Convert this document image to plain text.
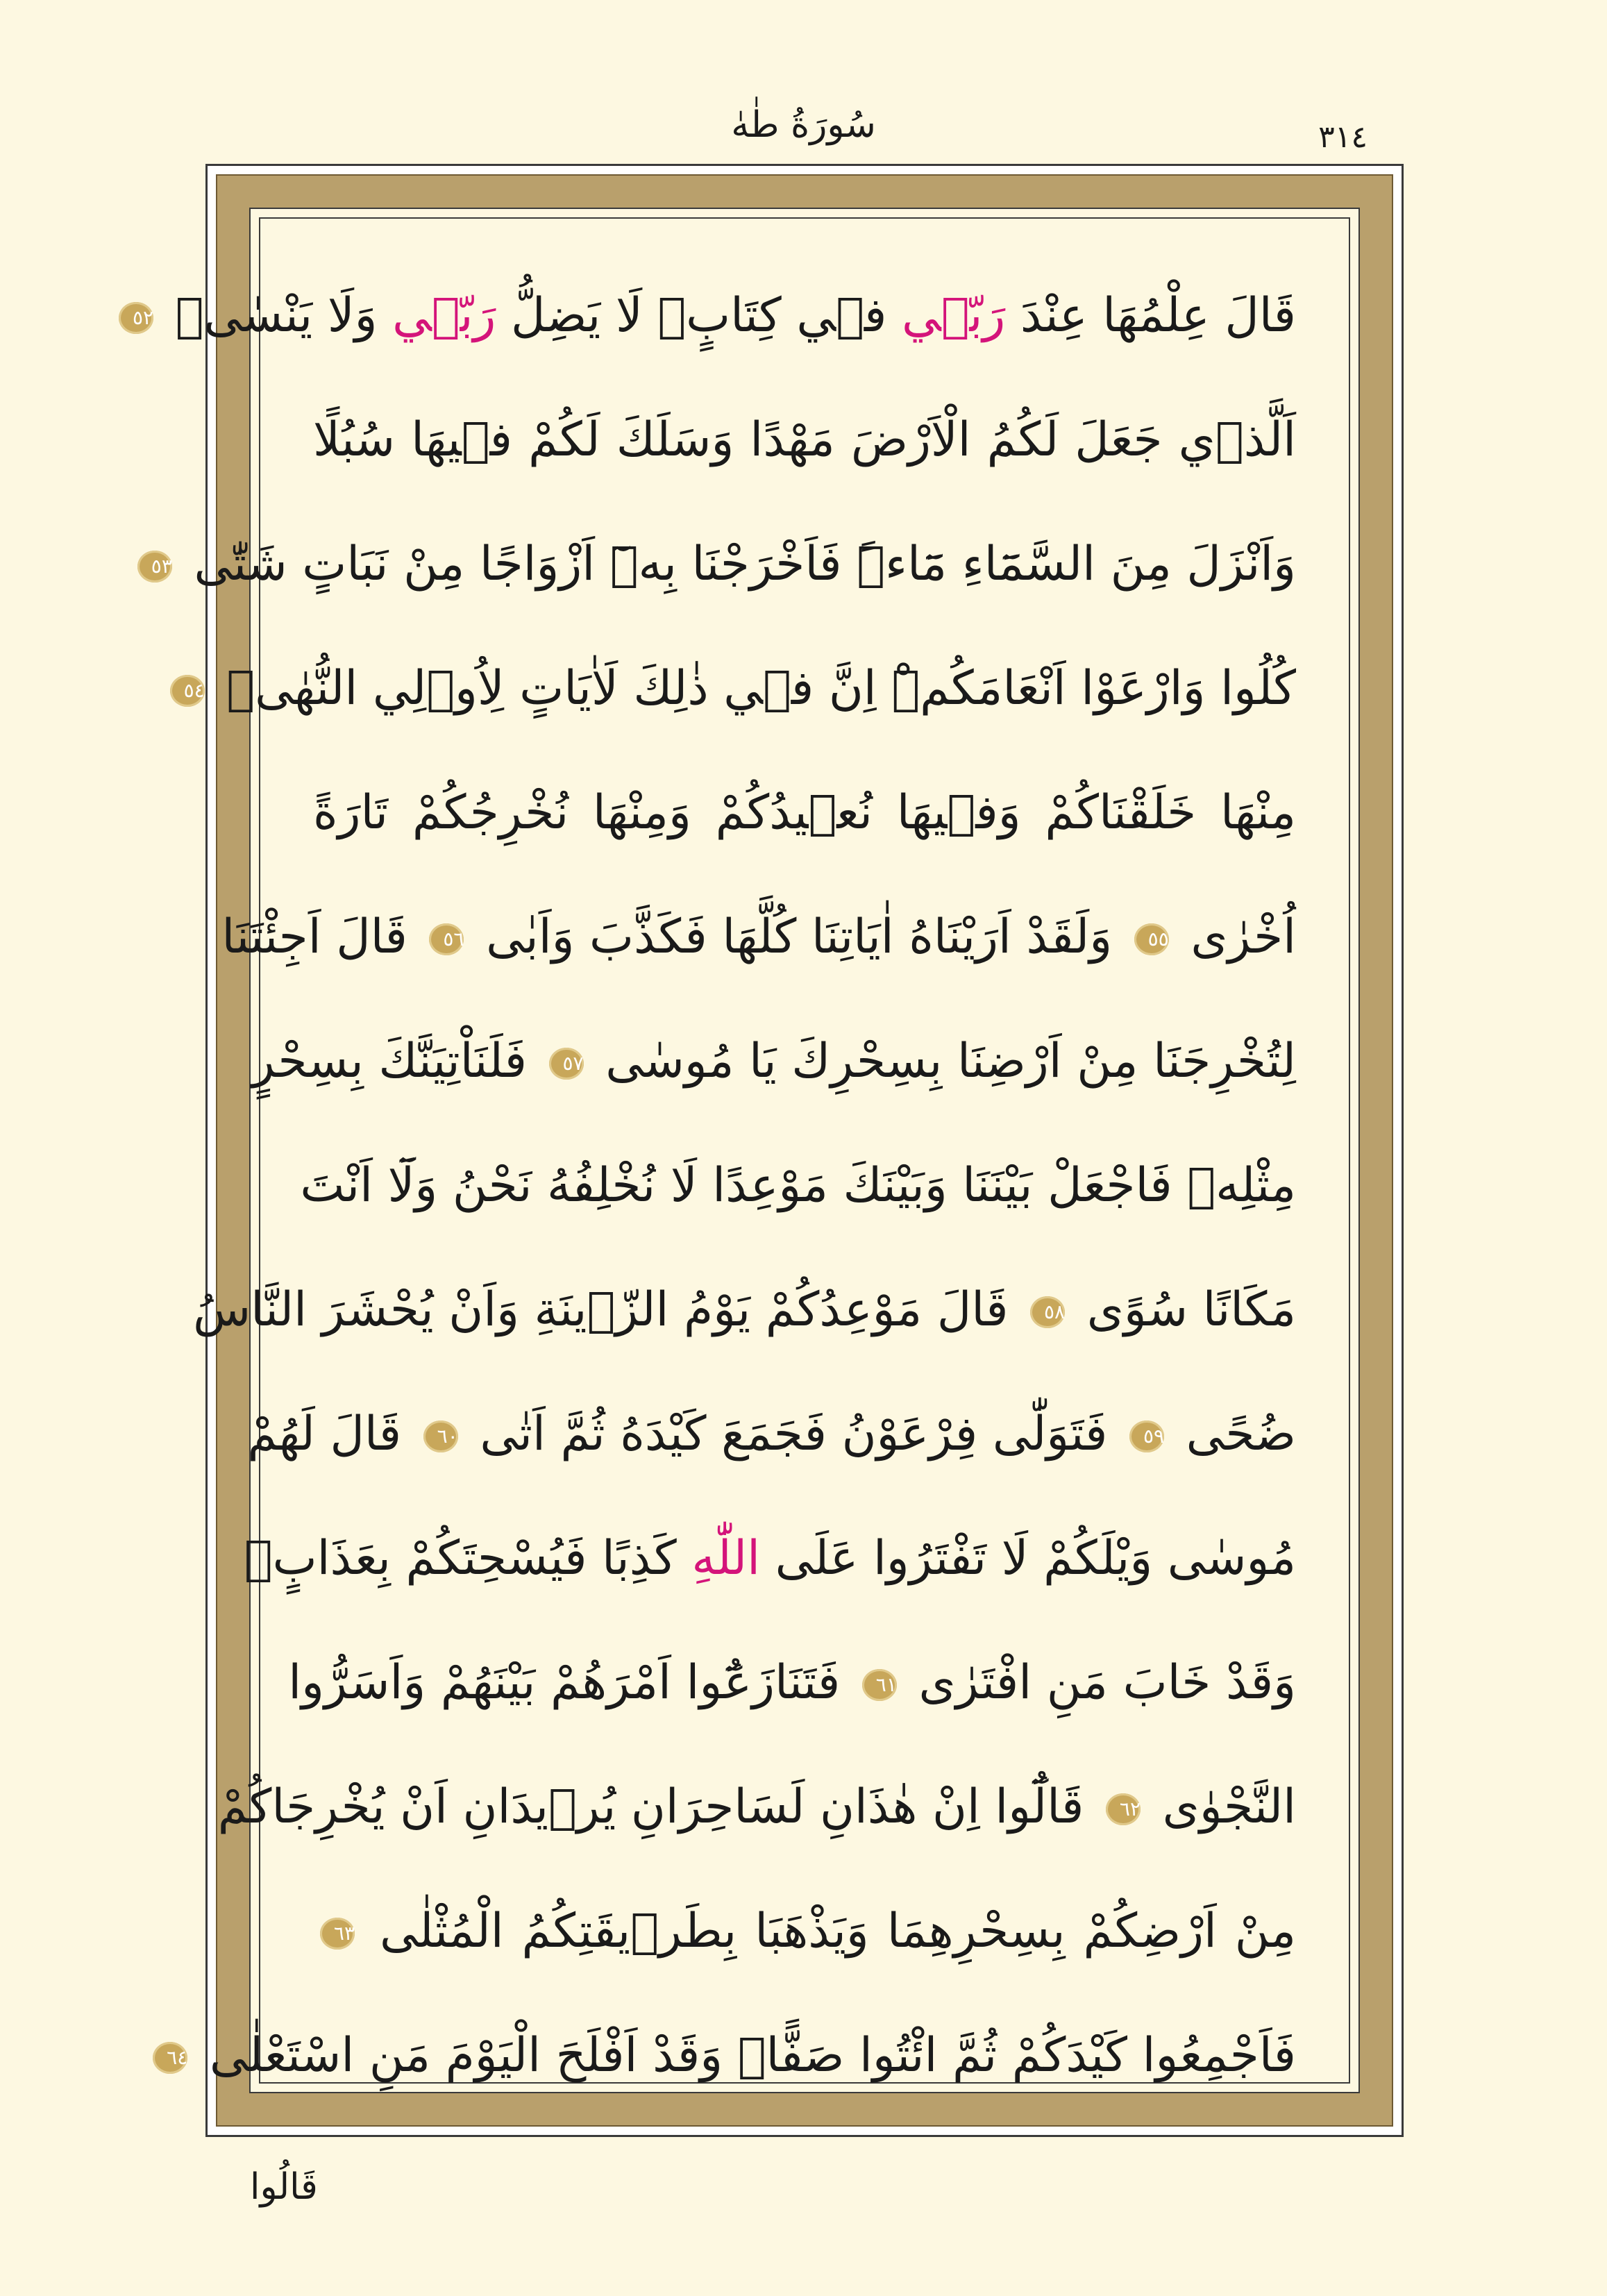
سُورَةُ طٰهٰ	٣١٤
قَالَ عِلْمُهَا عِنْدَ رَبّ۪ي ف۪ي كِتَابٍۚ لَا يَضِلُّ رَبّ۪ي وَلَا يَنْسٰىۘ ٥٢
اَلَّذ۪ي جَعَلَ لَكُمُ الْاَرْضَ مَهْدًا وَسَلَكَ لَكُمْ ف۪يهَا سُبُلًا
وَاَنْزَلَ مِنَ السَّمَٓاءِ مَٓاءًۜ فَاَخْرَجْنَا بِه۪ٓ اَزْوَاجًا مِنْ نَبَاتٍ شَتّٰى ٥٣
كُلُوا وَارْعَوْا اَنْعَامَكُمْۜ اِنَّ ف۪ي ذٰلِكَ لَاٰيَاتٍ لِاُو۬لِي النُّهٰىۜ ٥٤
مِنْهَا خَلَقْنَاكُمْ وَف۪يهَا نُع۪يدُكُمْ وَمِنْهَا نُخْرِجُكُمْ تَارَةً
اُخْرٰى ٥٥ وَلَقَدْ اَرَيْنَاهُ اٰيَاتِنَا كُلَّهَا فَكَذَّبَ وَاَبٰى ٥٦ قَالَ اَجِئْتَنَا
لِتُخْرِجَنَا مِنْ اَرْضِنَا بِسِحْرِكَ يَا مُوسٰى ٥٧ فَلَنَاْتِيَنَّكَ بِسِحْرٍ
مِثْلِه۪ فَاجْعَلْ بَيْنَنَا وَبَيْنَكَ مَوْعِدًا لَا نُخْلِفُهُ نَحْنُ وَلَٓا اَنْتَ
مَكَانًا سُوًى ٥٨ قَالَ مَوْعِدُكُمْ يَوْمُ الزّ۪ينَةِ وَاَنْ يُحْشَرَ النَّاسُ
ضُحًى ٥٩ فَتَوَلّٰى فِرْعَوْنُ فَجَمَعَ كَيْدَهُ ثُمَّ اَتٰى ٦٠ قَالَ لَهُمْ
مُوسٰى وَيْلَكُمْ لَا تَفْتَرُوا عَلَى اللّٰهِ كَذِبًا فَيُسْحِتَكُمْ بِعَذَابٍۚ
وَقَدْ خَابَ مَنِ افْتَرٰى ٦١ فَتَنَازَعُٓوا اَمْرَهُمْ بَيْنَهُمْ وَاَسَرُّوا
النَّجْوٰى ٦٢ قَالُٓوا اِنْ هٰذَانِ لَسَاحِرَانِ يُر۪يدَانِ اَنْ يُخْرِجَاكُمْ
مِنْ اَرْضِكُمْ بِسِحْرِهِمَا وَيَذْهَبَا بِطَر۪يقَتِكُمُ الْمُثْلٰى ٦٣
فَاَجْمِعُوا كَيْدَكُمْ ثُمَّ ائْتُوا صَفًّاۚ وَقَدْ اَفْلَحَ الْيَوْمَ مَنِ اسْتَعْلٰى ٦٤
قَالُوا
